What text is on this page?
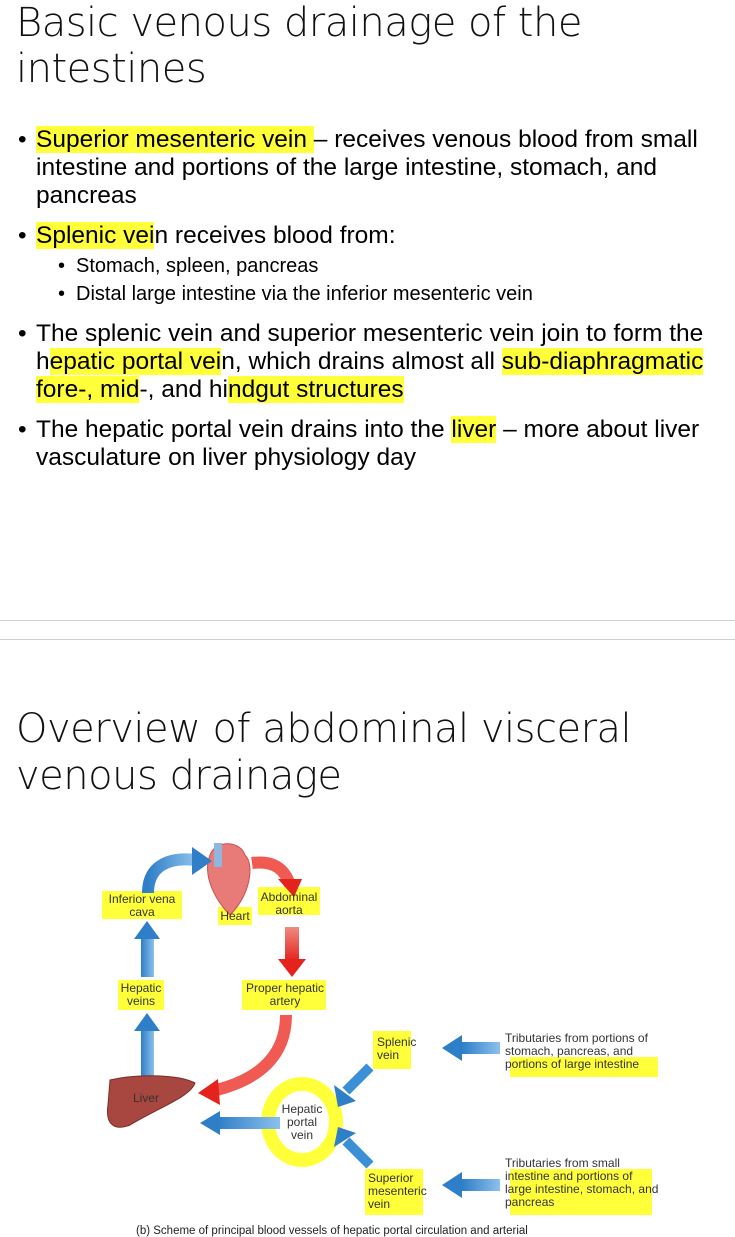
Basic venous drainage of the intestines
• Superior mesenteric vein – receives venous blood from small intestine and portions of the large intestine, stomach, and pancreas
• Splenic vein receives blood from:
• Stomach, spleen, pancreas
• Distal large intestine via the inferior mesenteric vein
• The splenic vein and superior mesenteric vein join to form the hepatic portal vein, which drains almost all sub-diaphragmatic fore-, mid-, and hindgut structures
• The hepatic portal vein drains into the liver – more about liver vasculature on liver physiology day
Overview of abdominal visceral venous drainage
Inferior vena cava	Heart
Abdominal aorta
Hepatic veins
Proper hepatic artery
Liver
Hepatic portal vein
Splenic vein
Superior mesenteric vein
Tributaries from portions of stomach, pancreas, and portions of large intestine
Tributaries from small intestine and portions of large intestine, stomach, and pancreas
(b) Scheme of principal blood vessels of hepatic portal circulation and arterial
